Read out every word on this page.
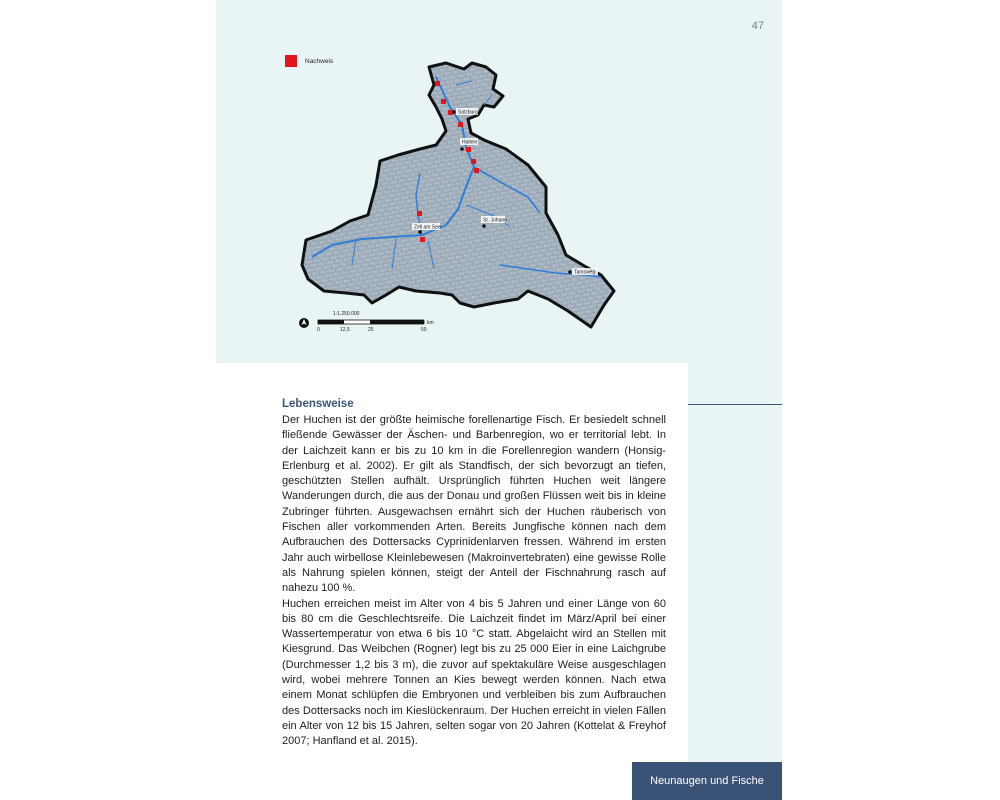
Nachweis
Salzburg
Hallein
St. Johann
Zell am See
Tamsweg
1:1.250.000
0	12,5	25	50
km
47
Lebensweise

Der Huchen ist der größte heimische forellenartige Fisch. Er besiedelt schnell fließende Gewässer der Äschen- und Barbenregion, wo er territorial lebt. In der Laichzeit kann er bis zu 10 km in die Forellenregion wandern (Honsig-Erlenburg et al. 2002). Er gilt als Standfisch, der sich bevorzugt an tiefen, geschützten Stellen aufhält. Ursprünglich führten Huchen weit längere Wanderungen durch, die aus der Donau und großen Flüssen weit bis in kleine Zubringer führten. Ausgewachsen ernährt sich der Huchen räuberisch von Fischen aller vorkommenden Arten. Bereits Jungfische können nach dem Aufbrauchen des Dottersacks Cyprinidenlarven fressen. Während im ersten Jahr auch wirbellose Kleinlebewesen (Makroinvertebraten) eine gewisse Rolle als Nahrung spielen können, steigt der Anteil der Fischnahrung rasch auf nahezu 100 %.

Huchen erreichen meist im Alter von 4 bis 5 Jahren und einer Länge von 60 bis 80 cm die Geschlechtsreife. Die Laichzeit findet im März/April bei einer Wassertemperatur von etwa 6 bis 10 °C statt. Abgelaicht wird an Stellen mit Kiesgrund. Das Weibchen (Rogner) legt bis zu 25 000 Eier in eine Laichgrube (Durchmesser 1,2 bis 3 m), die zuvor auf spektakuläre Weise ausgeschlagen wird, wobei mehrere Tonnen an Kies bewegt werden können. Nach etwa einem Monat schlüpfen die Embryonen und verbleiben bis zum Aufbrauchen des Dottersacks noch im Kieslückenraum. Der Huchen erreicht in vielen Fällen ein Alter von 12 bis 15 Jahren, selten sogar von 20 Jahren (Kottelat & Freyhof 2007; Hanfland et al. 2015).

Neunaugen und Fische
